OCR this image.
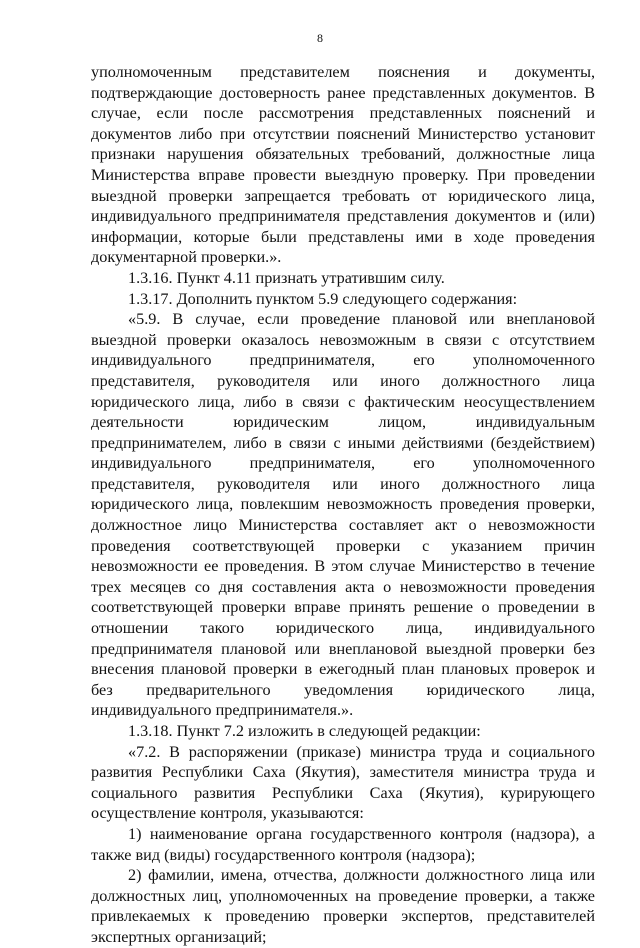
8

уполномоченным представителем пояснения и документы, подтверждающие достоверность ранее представленных документов. В случае, если после рассмотрения представленных пояснений и документов либо при отсутствии пояснений Министерство установит признаки нарушения обязательных требований, должностные лица Министерства вправе провести выездную проверку. При проведении выездной проверки запрещается требовать от юридического лица, индивидуального предпринимателя представления документов и (или) информации, которые были представлены ими в ходе проведения документарной проверки.».

1.3.16. Пункт 4.11 признать утратившим силу.

1.3.17. Дополнить пунктом 5.9 следующего содержания:

«5.9. В случае, если проведение плановой или внеплановой выездной проверки оказалось невозможным в связи с отсутствием индивидуального предпринимателя, его уполномоченного представителя, руководителя или иного должностного лица юридического лица, либо в связи с фактическим неосуществлением деятельности юридическим лицом, индивидуальным предпринимателем, либо в связи с иными действиями (бездействием) индивидуального предпринимателя, его уполномоченного представителя, руководителя или иного должностного лица юридического лица, повлекшим невозможность проведения проверки, должностное лицо Министерства составляет акт о невозможности проведения соответствующей проверки с указанием причин невозможности ее проведения. В этом случае Министерство в течение трех месяцев со дня составления акта о невозможности проведения соответствующей проверки вправе принять решение о проведении в отношении такого юридического лица, индивидуального предпринимателя плановой или внеплановой выездной проверки без внесения плановой проверки в ежегодный план плановых проверок и без предварительного уведомления юридического лица, индивидуального предпринимателя.».

1.3.18. Пункт 7.2 изложить в следующей редакции:

«7.2. В распоряжении (приказе) министра труда и социального развития Республики Саха (Якутия), заместителя министра труда и социального развития Республики Саха (Якутия), курирующего осуществление контроля, указываются:

1) наименование органа государственного контроля (надзора), а также вид (виды) государственного контроля (надзора);

2) фамилии, имена, отчества, должности должностного лица или должностных лиц, уполномоченных на проведение проверки, а также привлекаемых к проведению проверки экспертов, представителей экспертных организаций;
